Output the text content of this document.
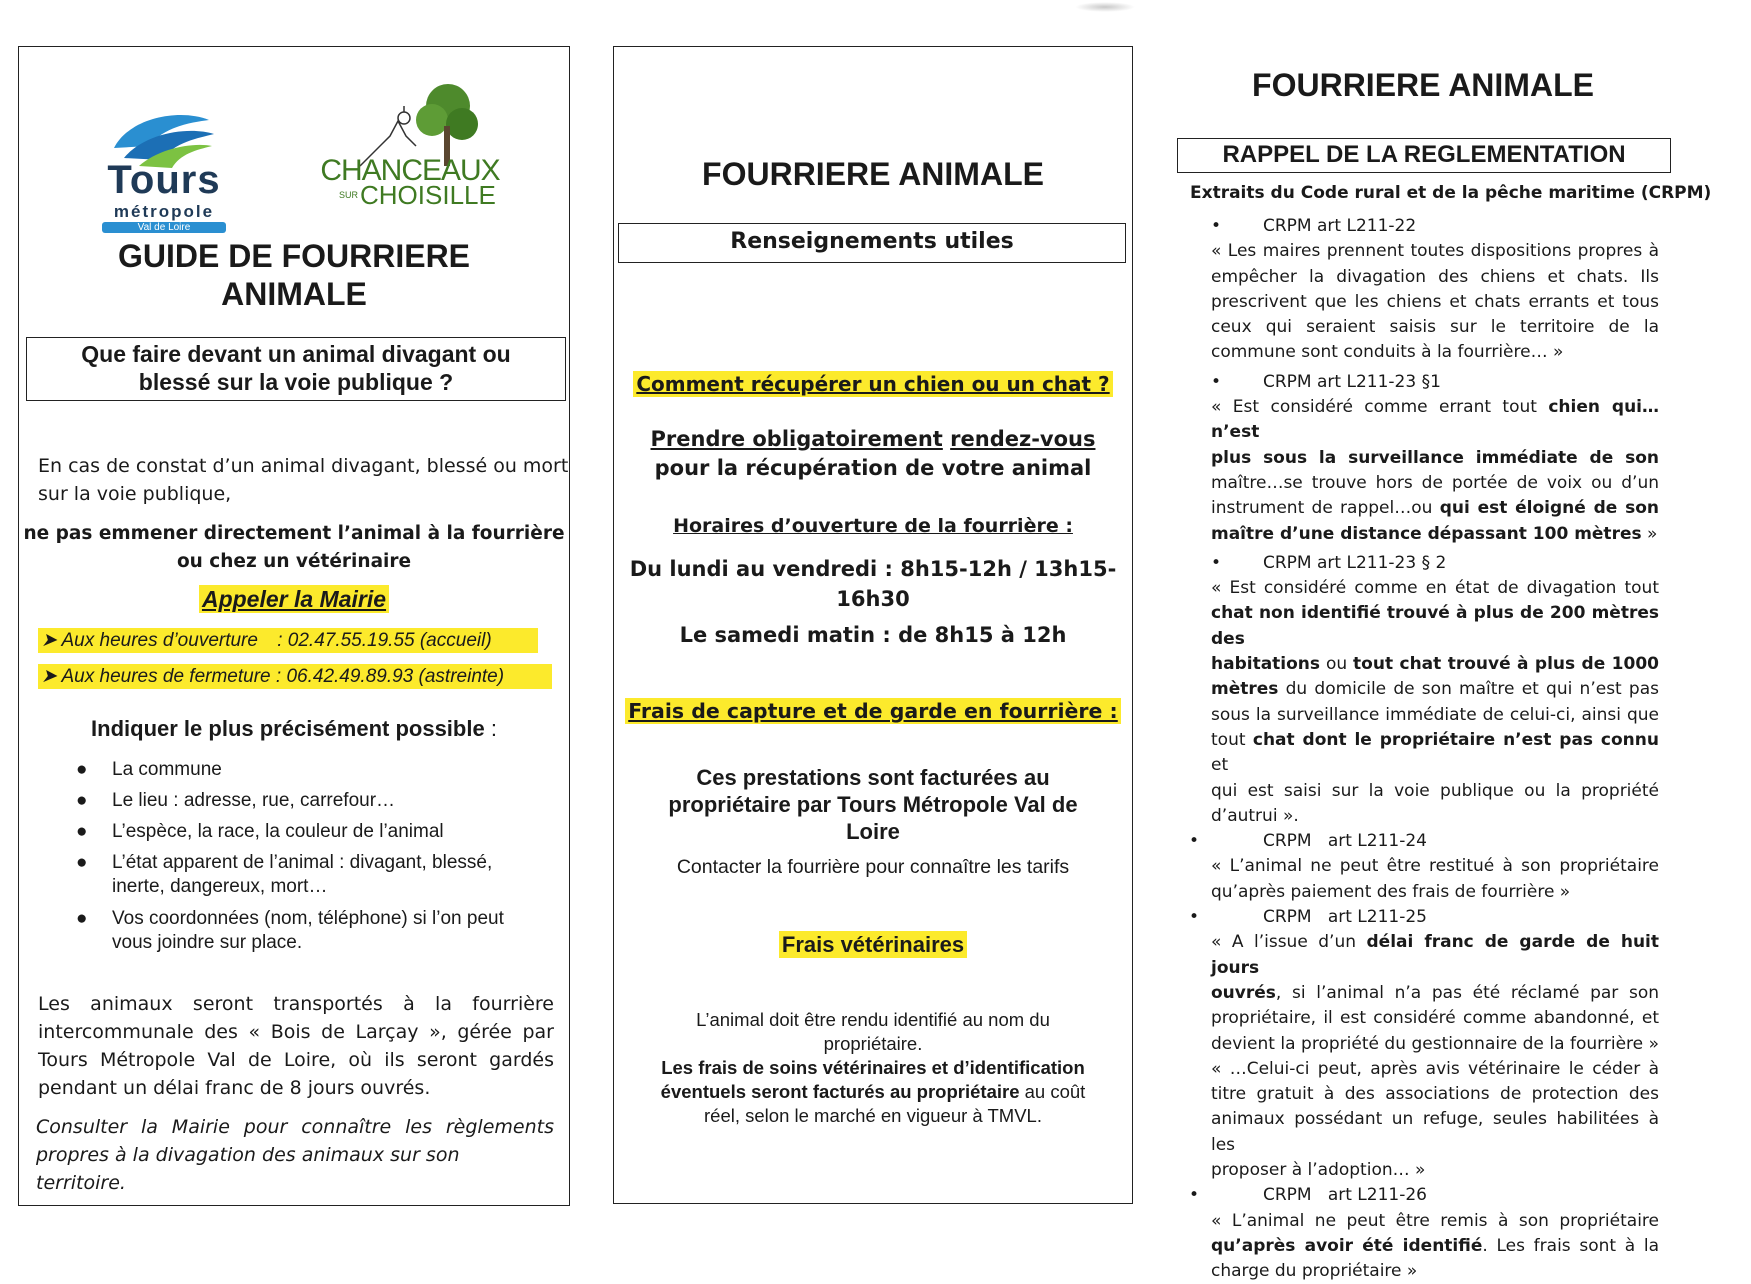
Tours
métropole
Val de Loire
CHANCEAUX
SUR CHOISILLE
GUIDE DE FOURRIERE
ANIMALE
Que faire devant un animal divagant ou
blessé sur la voie publique ?
En cas de constat d’un animal divagant, blessé ou mort
sur la voie publique,
ne pas emmener directement l’animal à la fourrière
ou chez un vétérinaire
Appeler la Mairie
➤ Aux heures d’ouverture : 02.47.55.19.55 (accueil)
➤ Aux heures de fermeture : 06.42.49.89.93 (astreinte)
Indiquer le plus précisément possible :
● La commune
● Le lieu : adresse, rue, carrefour…
● L’espèce, la race, la couleur de l’animal
● L’état apparent de l’animal : divagant, blessé,
inerte, dangereux, mort…
● Vos coordonnées (nom, téléphone) si l’on peut
vous joindre sur place.
Les animaux seront transportés à la fourrière
intercommunale des « Bois de Larçay », gérée par
Tours Métropole Val de Loire, où ils seront gardés
pendant un délai franc de 8 jours ouvrés.
Consulter la Mairie pour connaître les règlements
propres à la divagation des animaux sur son territoire.
FOURRIERE ANIMALE
Renseignements utiles
Comment récupérer un chien ou un chat ?
Prendre obligatoirement rendez-vous
pour la récupération de votre animal
Horaires d’ouverture de la fourrière :
Du lundi au vendredi : 8h15-12h / 13h15-
16h30
Le samedi matin : de 8h15 à 12h
Frais de capture et de garde en fourrière :
Ces prestations sont facturées au
propriétaire par Tours Métropole Val de
Loire
Contacter la fourrière pour connaître les tarifs
Frais vétérinaires
L’animal doit être rendu identifié au nom du
propriétaire.
Les frais de soins vétérinaires et d’identification
éventuels seront facturés au propriétaire au coût
réel, selon le marché en vigueur à TMVL.
FOURRIERE ANIMALE
RAPPEL DE LA REGLEMENTATION
Extraits du Code rural et de la pêche maritime (CRPM)
• CRPM art L211-22
« Les maires prennent toutes dispositions propres à
empêcher la divagation des chiens et chats. Ils
prescrivent que les chiens et chats errants et tous
ceux qui seraient saisis sur le territoire de la
commune sont conduits à la fourrière… »
• CRPM art L211-23 §1
« Est considéré comme errant tout chien qui…n’est
plus sous la surveillance immédiate de son
maître…se trouve hors de portée de voix ou d’un
instrument de rappel…ou qui est éloigné de son
maître d’une distance dépassant 100 mètres »
• CRPM art L211-23 § 2
« Est considéré comme en état de divagation tout
chat non identifié trouvé à plus de 200 mètres des
habitations ou tout chat trouvé à plus de 1000
mètres du domicile de son maître et qui n’est pas
sous la surveillance immédiate de celui-ci, ainsi que
tout chat dont le propriétaire n’est pas connu et
qui est saisi sur la voie publique ou la propriété
d’autrui ».
•	CRPM   art L211-24
« L’animal ne peut être restitué à son propriétaire
qu’après paiement des frais de fourrière »
•	CRPM   art L211-25
« A l’issue d’un délai franc de garde de huit jours
ouvrés, si l’animal n’a pas été réclamé par son
propriétaire, il est considéré comme abandonné, et
devient la propriété du gestionnaire de la fourrière »
« …Celui-ci peut, après avis vétérinaire le céder à
titre gratuit à des associations de protection des
animaux possédant un refuge, seules habilitées à les
proposer à l’adoption… »
•	CRPM   art L211-26
« L’animal ne peut être remis à son propriétaire
qu’après avoir été identifié. Les frais sont à la
charge du propriétaire »
